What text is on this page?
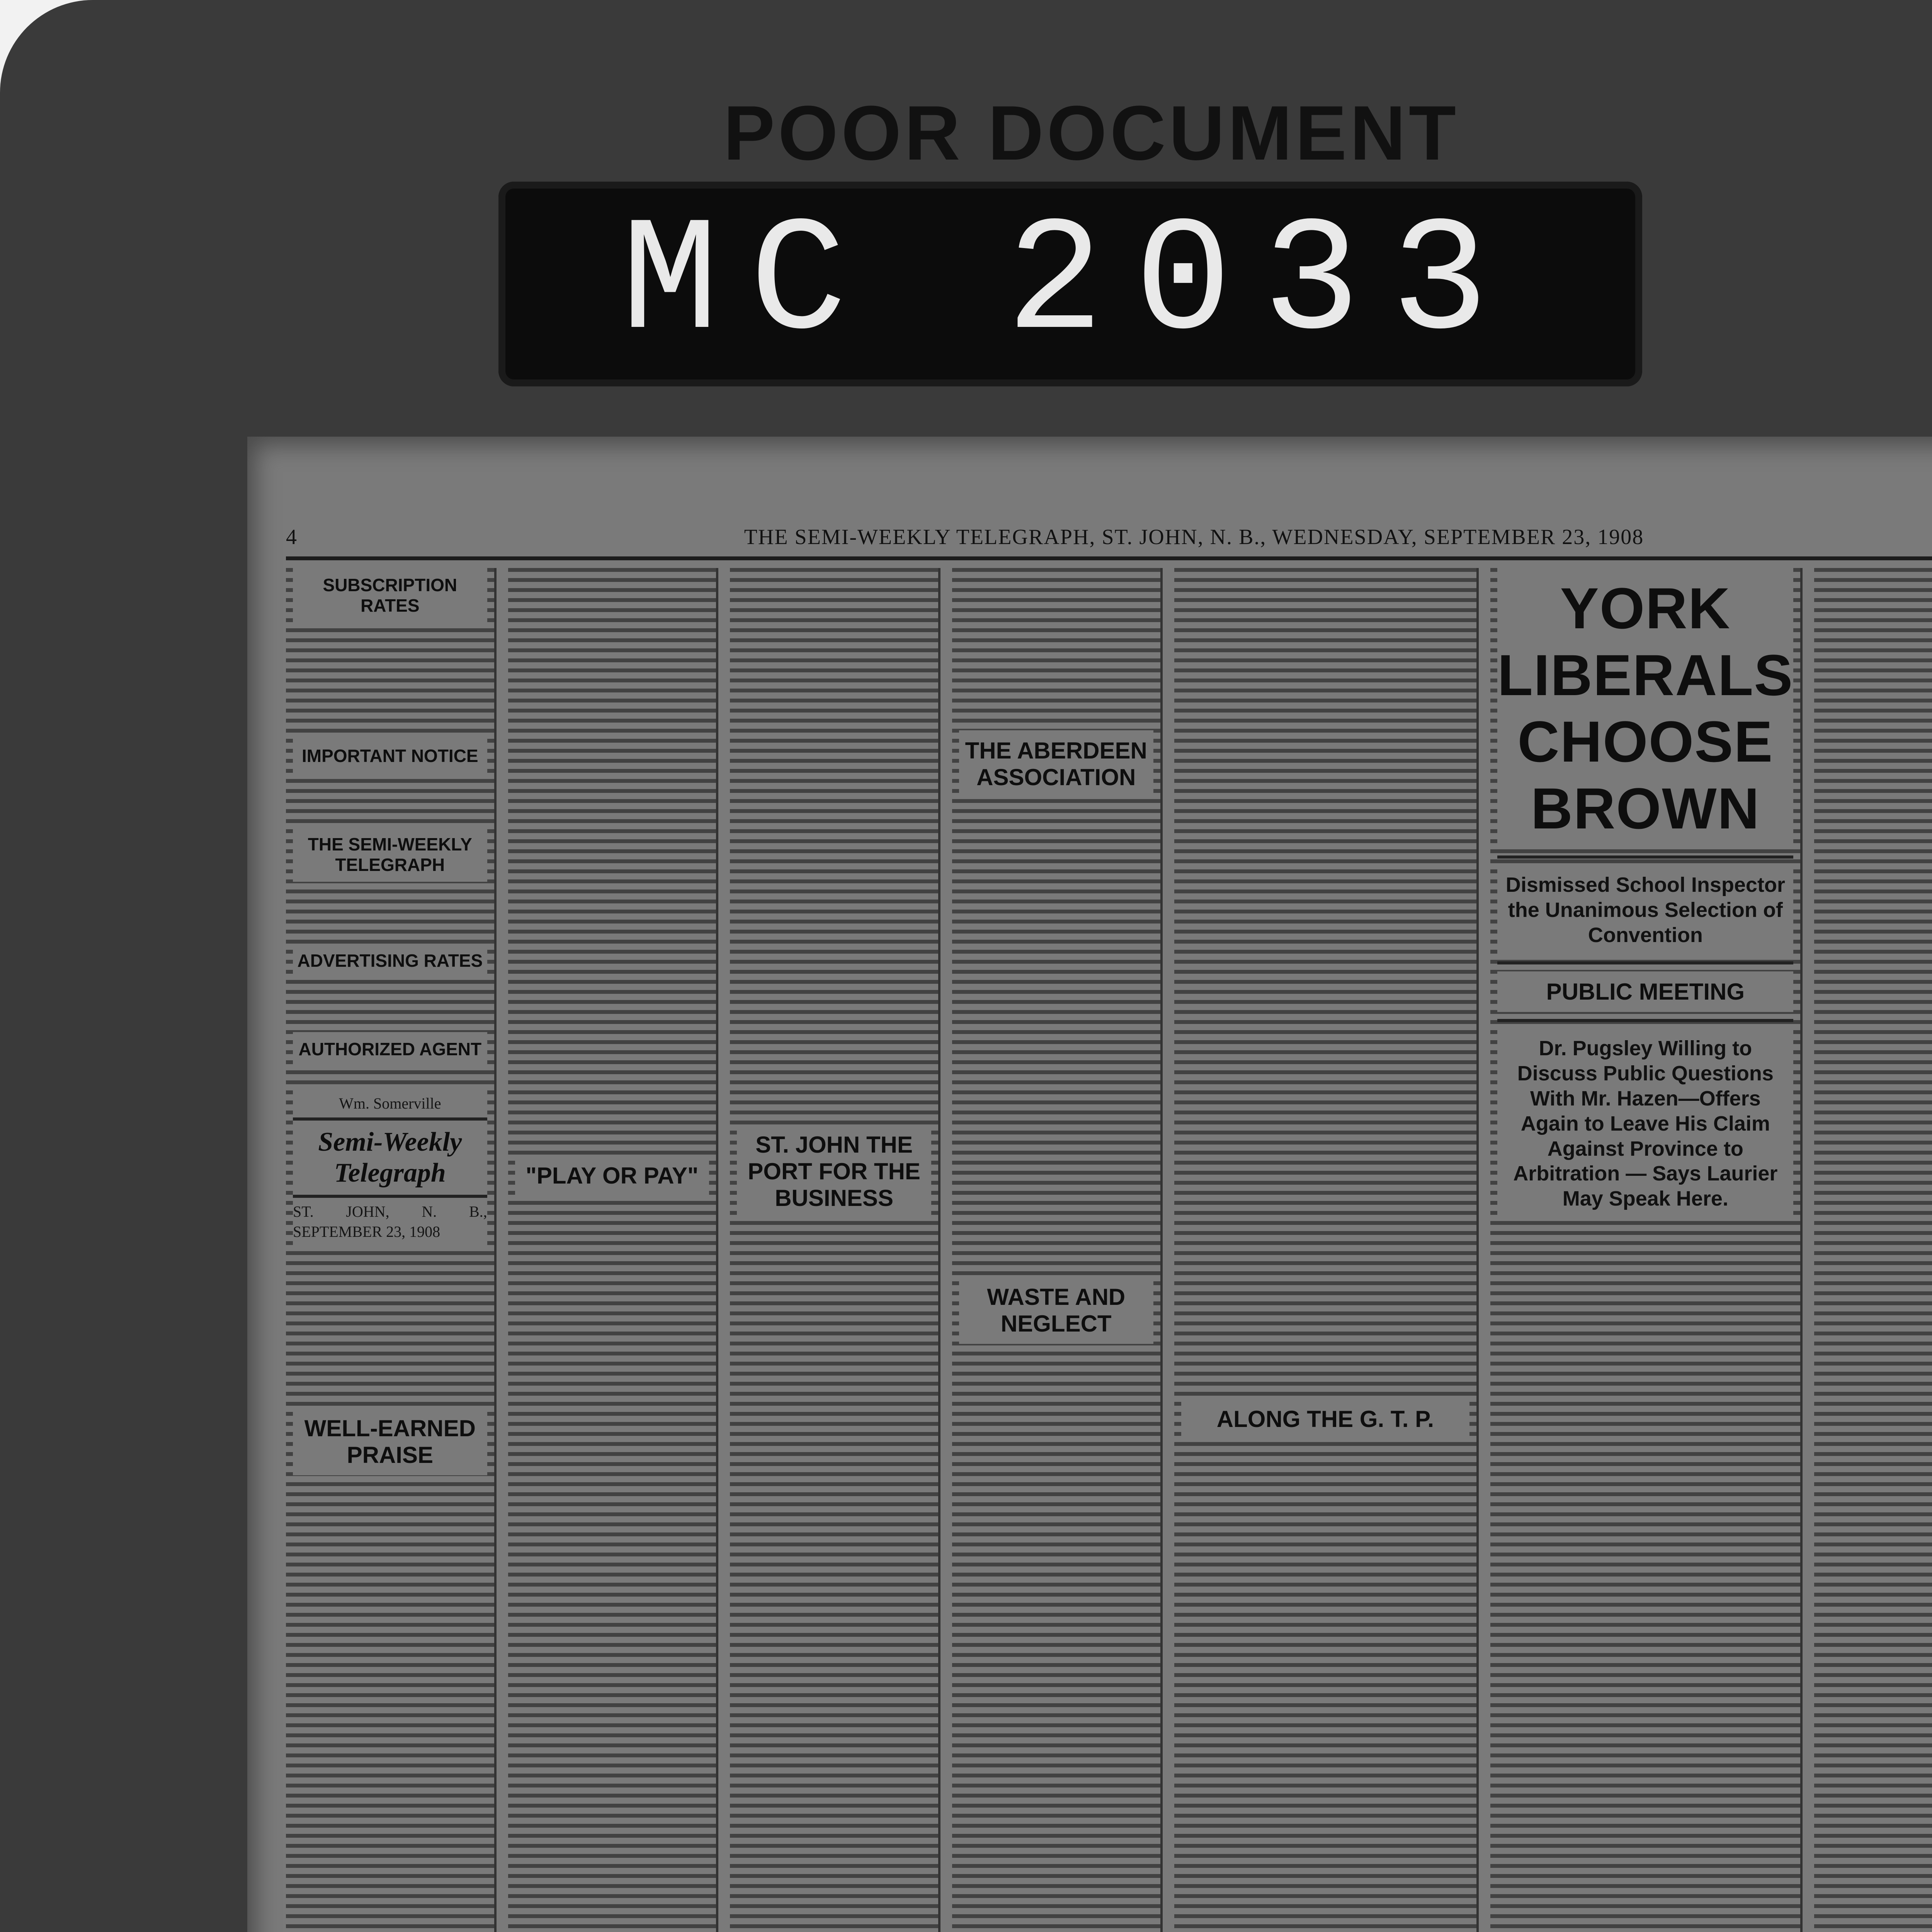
POOR DOCUMENT
MC 2033
4	THE SEMI-WEEKLY TELEGRAPH, ST. JOHN, N. B., WEDNESDAY, SEPTEMBER 23, 1908
SUBSCRIPTION RATES
IMPORTANT NOTICE
THE SEMI-WEEKLY TELEGRAPH
ADVERTISING RATES
AUTHORIZED AGENT
Wm. Somerville
Semi-Weekly Telegraph
ST. JOHN, N. B., SEPTEMBER 23, 1908
WELL-EARNED PRAISE
"PLAY OR PAY"
ST. JOHN THE PORT FOR THE BUSINESS
THE ABERDEEN ASSOCIATION
WASTE AND NEGLECT
ALONG THE G. T. P.
YORK LIBERALS CHOOSE BROWN
Dismissed School Inspector the Unanimous Selection of Convention
PUBLIC MEETING
Dr. Pugsley Willing to Discuss Public Questions With Mr. Hazen—Offers Again to Leave His Claim Against Province to Arbitration — Says Laurier May Speak Here.
